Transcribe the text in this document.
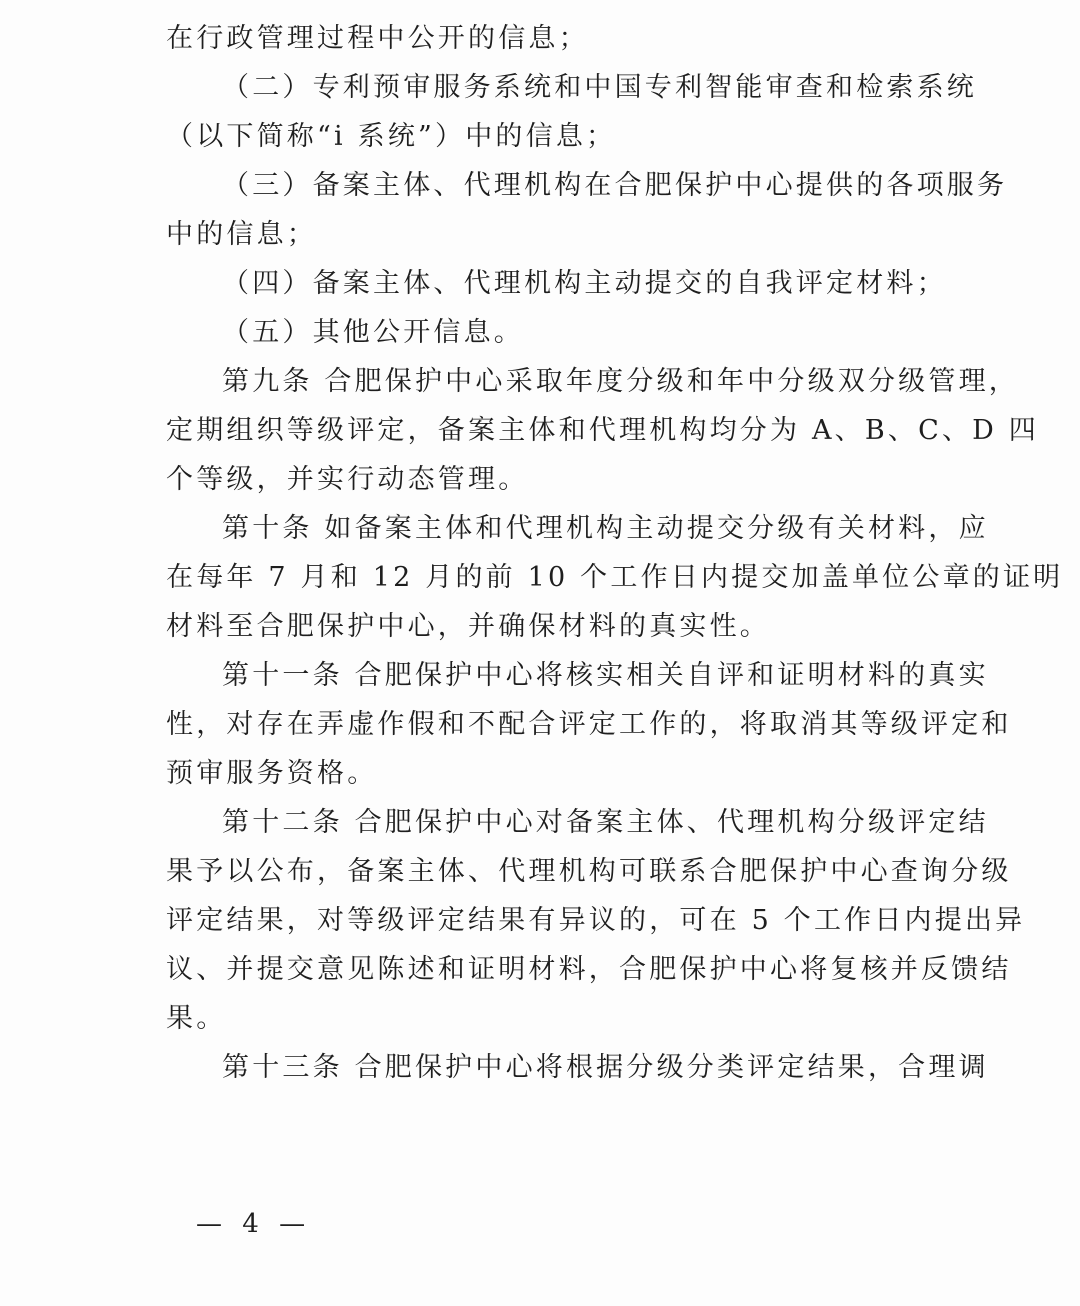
在行政管理过程中公开的信息；
（二）专利预审服务系统和中国专利智能审查和检索系统
（以下简称“i 系统”）中的信息；
（三）备案主体、代理机构在合肥保护中心提供的各项服务
中的信息；
（四）备案主体、代理机构主动提交的自我评定材料；
（五）其他公开信息。
第九条 合肥保护中心采取年度分级和年中分级双分级管理，
定期组织等级评定，备案主体和代理机构均分为 A、B、C、D 四
个等级，并实行动态管理。
第十条 如备案主体和代理机构主动提交分级有关材料，应
在每年 7 月和 12 月的前 10 个工作日内提交加盖单位公章的证明
材料至合肥保护中心，并确保材料的真实性。
第十一条 合肥保护中心将核实相关自评和证明材料的真实
性，对存在弄虚作假和不配合评定工作的，将取消其等级评定和
预审服务资格。
第十二条 合肥保护中心对备案主体、代理机构分级评定结
果予以公布，备案主体、代理机构可联系合肥保护中心查询分级
评定结果，对等级评定结果有异议的，可在 5 个工作日内提出异
议、并提交意见陈述和证明材料，合肥保护中心将复核并反馈结
果。
第十三条 合肥保护中心将根据分级分类评定结果，合理调
— 4 —
